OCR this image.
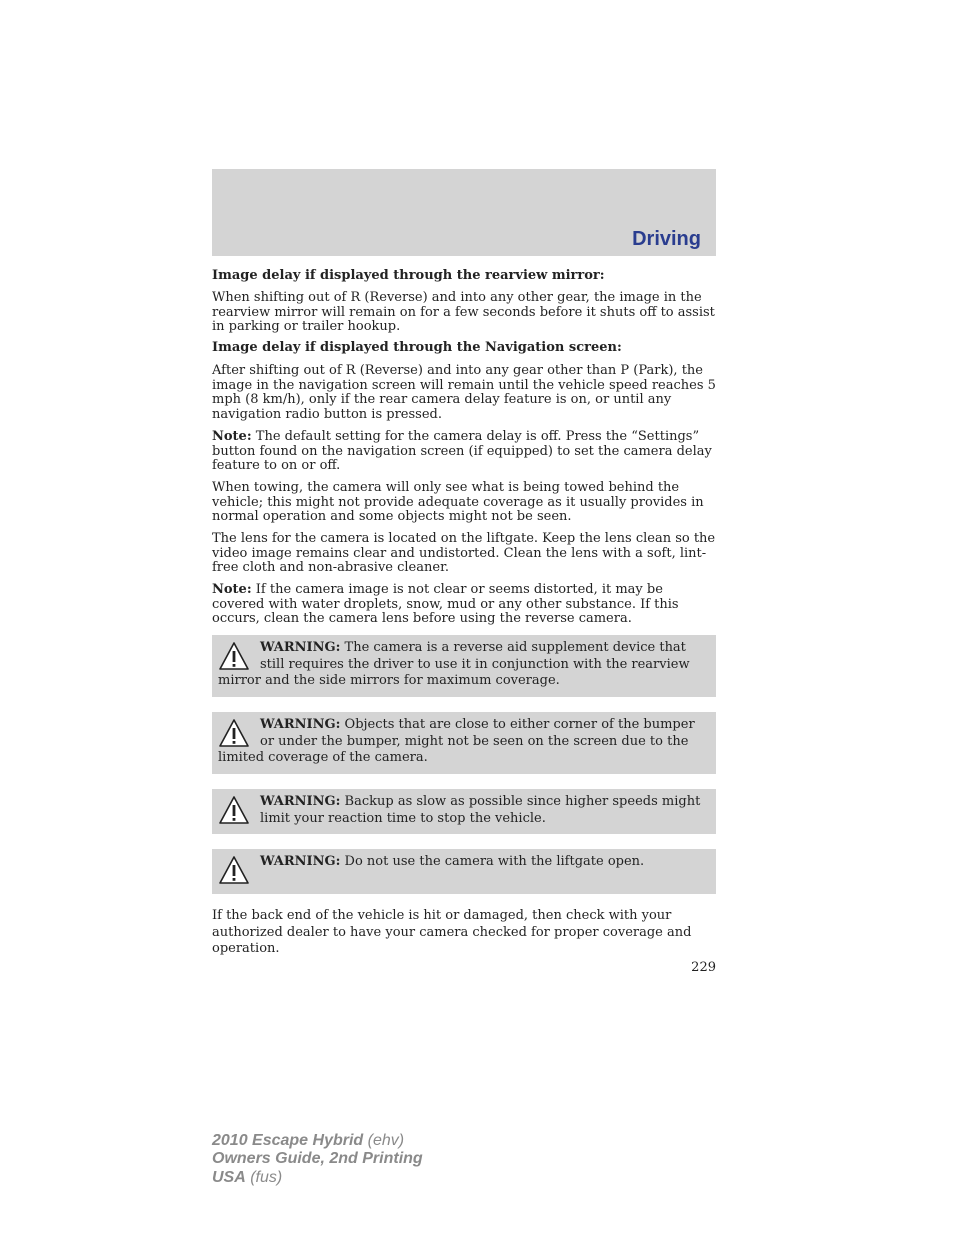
Driving
Image delay if displayed through the rearview mirror:
When shifting out of R (Reverse) and into any other gear, the image in the rearview mirror will remain on for a few seconds before it shuts off to assist in parking or trailer hookup.
Image delay if displayed through the Navigation screen:
After shifting out of R (Reverse) and into any gear other than P (Park), the image in the navigation screen will remain until the vehicle speed reaches 5 mph (8 km/h), only if the rear camera delay feature is on, or until any navigation radio button is pressed.
Note: The default setting for the camera delay is off. Press the “Settings” button found on the navigation screen (if equipped) to set the camera delay feature to on or off.
When towing, the camera will only see what is being towed behind the vehicle; this might not provide adequate coverage as it usually provides in normal operation and some objects might not be seen.
The lens for the camera is located on the liftgate. Keep the lens clean so the video image remains clear and undistorted. Clean the lens with a soft, lint-free cloth and non-abrasive cleaner.
Note: If the camera image is not clear or seems distorted, it may be covered with water droplets, snow, mud or any other substance. If this occurs, clean the camera lens before using the reverse camera.
WARNING: The camera is a reverse aid supplement device that still requires the driver to use it in conjunction with the rearview mirror and the side mirrors for maximum coverage.
WARNING: Objects that are close to either corner of the bumper or under the bumper, might not be seen on the screen due to the limited coverage of the camera.
WARNING: Backup as slow as possible since higher speeds might limit your reaction time to stop the vehicle.
WARNING: Do not use the camera with the liftgate open.
If the back end of the vehicle is hit or damaged, then check with your authorized dealer to have your camera checked for proper coverage and operation.
229
2010 Escape Hybrid (ehv)
Owners Guide, 2nd Printing
USA (fus)
